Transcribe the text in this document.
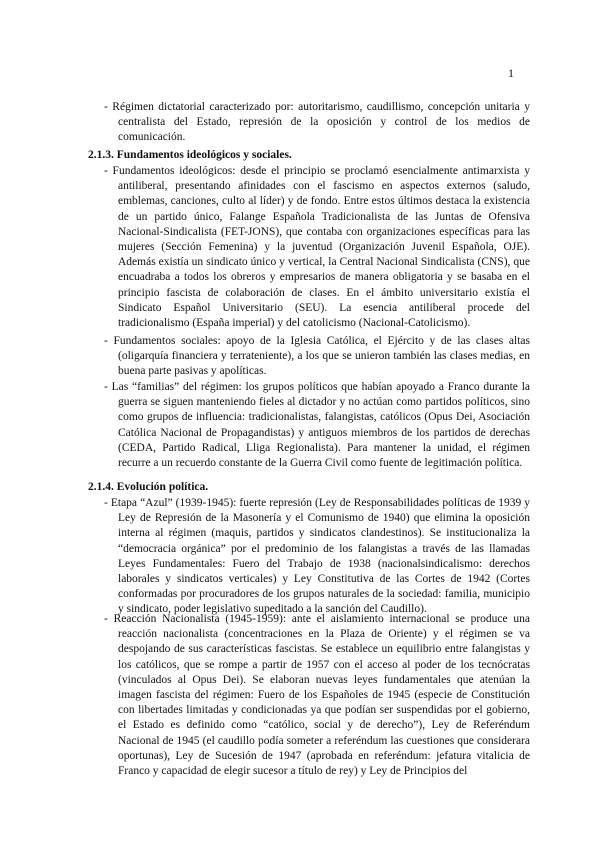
1

- Régimen dictatorial caracterizado por: autoritarismo, caudillismo, concepción unitaria y centralista del Estado, represión de la oposición y control de los medios de comunicación.

2.1.3. Fundamentos ideológicos y sociales.

- Fundamentos ideológicos: desde el principio se proclamó esencialmente antimarxista y antiliberal, presentando afinidades con el fascismo en aspectos externos (saludo, emblemas, canciones, culto al líder) y de fondo. Entre estos últimos destaca la existencia de un partido único, Falange Española Tradicionalista de las Juntas de Ofensiva Nacional-Sindicalista (FET-JONS), que contaba con organizaciones específicas para las mujeres (Sección Femenina) y la juventud (Organización Juvenil Española, OJE). Además existía un sindicato único y vertical, la Central Nacional Sindicalista (CNS), que encuadraba a todos los obreros y empresarios de manera obligatoria y se basaba en el principio fascista de colaboración de clases. En el ámbito universitario existía el Sindicato Español Universitario (SEU). La esencia antiliberal procede del tradicionalismo (España imperial) y del catolicismo (Nacional-Catolicismo).

- Fundamentos sociales: apoyo de la Iglesia Católica, el Ejército y de las clases altas (oligarquía financiera y terrateniente), a los que se unieron también las clases medias, en buena parte pasivas y apolíticas.

- Las “familias” del régimen: los grupos políticos que habían apoyado a Franco durante la guerra se siguen manteniendo fieles al dictador y no actúan como partidos políticos, sino como grupos de influencia: tradicionalistas, falangistas, católicos (Opus Dei, Asociación Católica Nacional de Propagandistas) y antiguos miembros de los partidos de derechas (CEDA, Partido Radical, Lliga Regionalista). Para mantener la unidad, el régimen recurre a un recuerdo constante de la Guerra Civil como fuente de legitimación política.

2.1.4. Evolución política.

- Etapa “Azul” (1939-1945): fuerte represión (Ley de Responsabilidades políticas de 1939 y Ley de Represión de la Masonería y el Comunismo de 1940) que elimina la oposición interna al régimen (maquis, partidos y sindicatos clandestinos). Se institucionaliza la “democracia orgánica” por el predominio de los falangistas a través de las llamadas Leyes Fundamentales: Fuero del Trabajo de 1938 (nacionalsindicalismo: derechos laborales y sindicatos verticales) y Ley Constitutiva de las Cortes de 1942 (Cortes conformadas por procuradores de los grupos naturales de la sociedad: familia, municipio y sindicato, poder legislativo supeditado a la sanción del Caudillo).

- Reacción Nacionalista (1945-1959): ante el aislamiento internacional se produce una reacción nacionalista (concentraciones en la Plaza de Oriente) y el régimen se va despojando de sus características fascistas. Se establece un equilibrio entre falangistas y los católicos, que se rompe a partir de 1957 con el acceso al poder de los tecnócratas (vinculados al Opus Dei). Se elaboran nuevas leyes fundamentales que atenúan la imagen fascista del régimen: Fuero de los Españoles de 1945 (especie de Constitución con libertades limitadas y condicionadas ya que podían ser suspendidas por el gobierno, el Estado es definido como “católico, social y de derecho”), Ley de Referéndum Nacional de 1945 (el caudillo podía someter a referéndum las cuestiones que considerara oportunas), Ley de Sucesión de 1947 (aprobada en referéndum: jefatura vitalicia de Franco y capacidad de elegir sucesor a título de rey) y Ley de Principios del
